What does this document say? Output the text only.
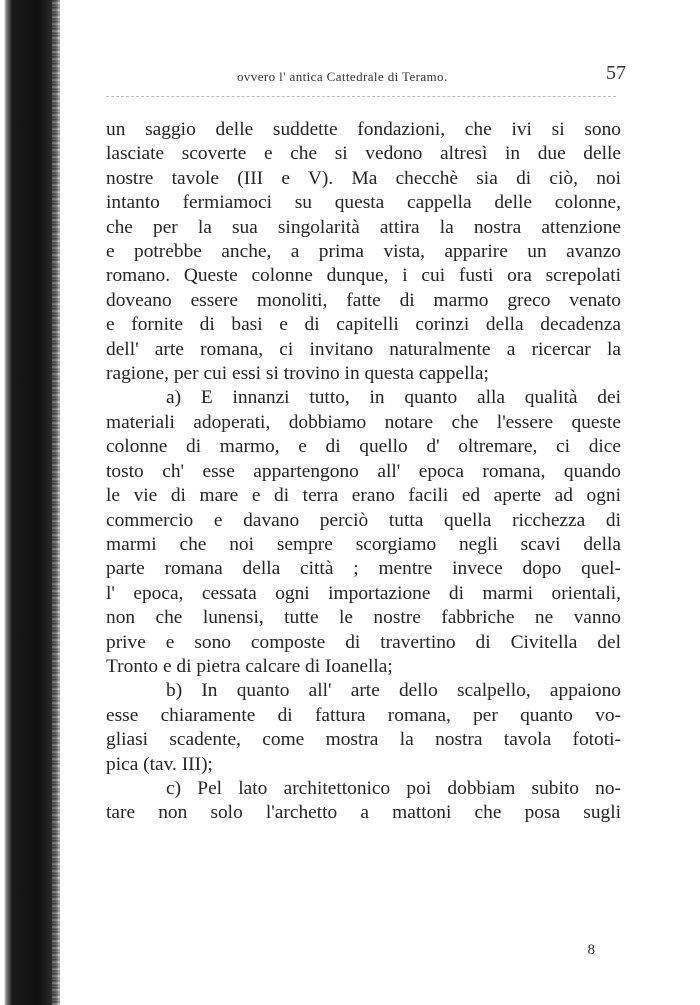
ovvero l' antica Cattedrale di Teramo.	57
un saggio delle suddette fondazioni, che ivi si sono
lasciate scoverte e che si vedono altresì in due delle
nostre tavole (III e V). Ma checchè sia di ciò, noi
intanto fermiamoci su questa cappella delle colonne,
che per la sua singolarità attira la nostra attenzione
e potrebbe anche, a prima vista, apparire un avanzo
romano. Queste colonne dunque, i cui fusti ora screpolati
doveano essere monoliti, fatte di marmo greco venato
e fornite di basi e di capitelli corinzi della decadenza
dell' arte romana, ci invitano naturalmente a ricercar la
ragione, per cui essi si trovino in questa cappella;
a) E innanzi tutto, in quanto alla qualità dei
materiali adoperati, dobbiamo notare che l'essere queste
colonne di marmo, e di quello d' oltremare, ci dice
tosto ch' esse appartengono all' epoca romana, quando
le vie di mare e di terra erano facili ed aperte ad ogni
commercio e davano perciò tutta quella ricchezza di
marmi che noi sempre scorgiamo negli scavi della
parte romana della città ; mentre invece dopo quel-
l' epoca, cessata ogni importazione di marmi orientali,
non che lunensi, tutte le nostre fabbriche ne vanno
prive e sono composte di travertino di Civitella del
Tronto e di pietra calcare di Ioanella;
b) In quanto all' arte dello scalpello, appaiono
esse chiaramente di fattura romana, per quanto vo-
gliasi scadente, come mostra la nostra tavola fototi-
pica (tav. III);
c) Pel lato architettonico poi dobbiam subito no-
tare non solo l'archetto a mattoni che posa sugli
8
